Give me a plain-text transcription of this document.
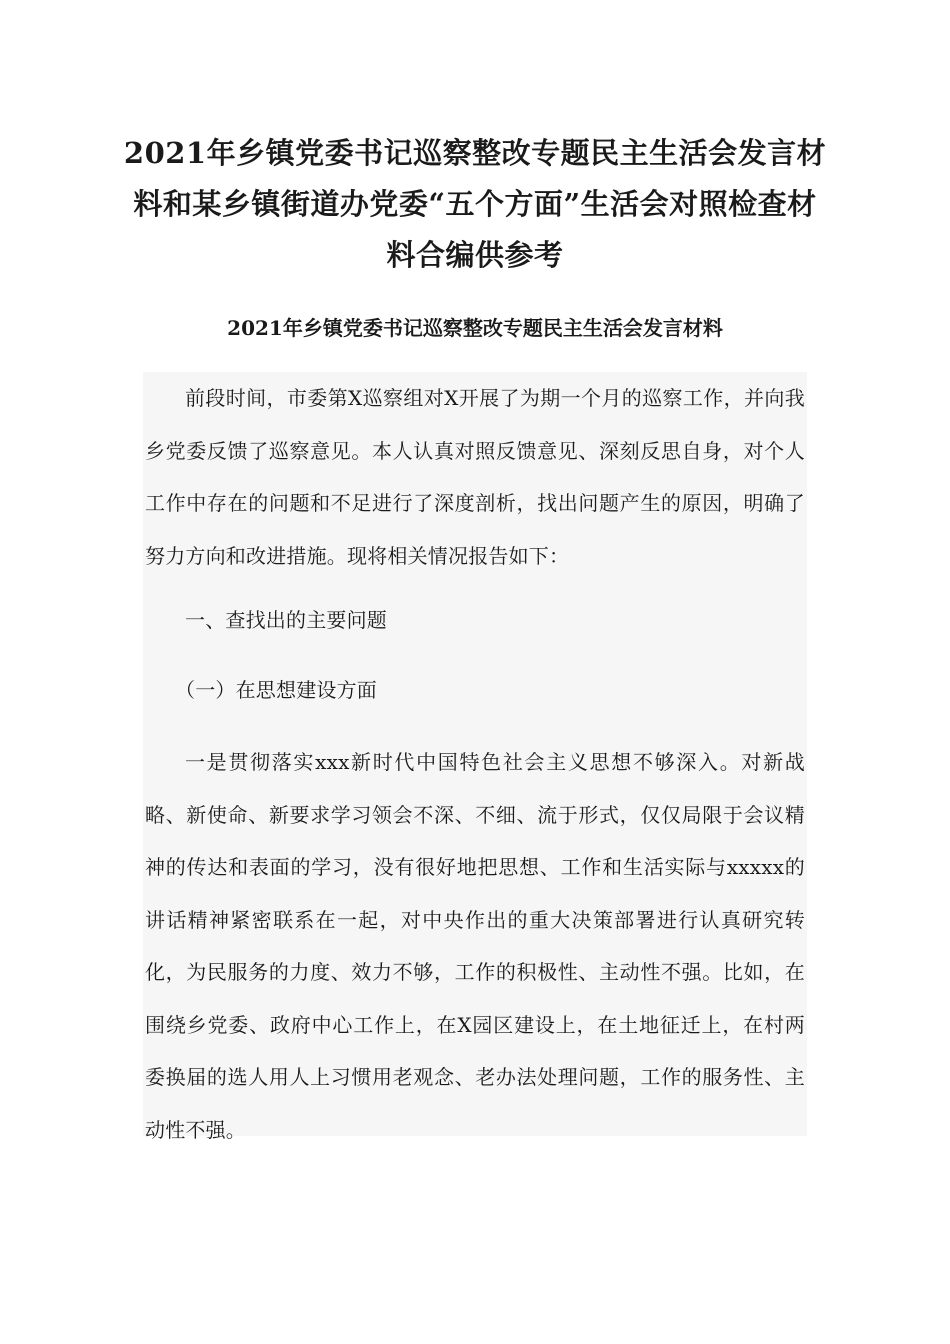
2021年乡镇党委书记巡察整改专题民主生活会发言材料和某乡镇街道办党委“五个方面”生活会对照检查材料合编供参考
2021年乡镇党委书记巡察整改专题民主生活会发言材料

前段时间，市委第X巡察组对X开展了为期一个月的巡察工作，并向我乡党委反馈了巡察意见。本人认真对照反馈意见、深刻反思自身，对个人工作中存在的问题和不足进行了深度剖析，找出问题产生的原因，明确了努力方向和改进措施。现将相关情况报告如下：

一、查找出的主要问题

（一）在思想建设方面

一是贯彻落实xxx新时代中国特色社会主义思想不够深入。对新战略、新使命、新要求学习领会不深、不细、流于形式，仅仅局限于会议精神的传达和表面的学习，没有很好地把思想、工作和生活实际与xxxxx的讲话精神紧密联系在一起，对中央作出的重大决策部署进行认真研究转化，为民服务的力度、效力不够，工作的积极性、主动性不强。比如，在围绕乡党委、政府中心工作上，在X园区建设上，在土地征迁上，在村两委换届的选人用人上习惯用老观念、老办法处理问题，工作的服务性、主动性不强。
